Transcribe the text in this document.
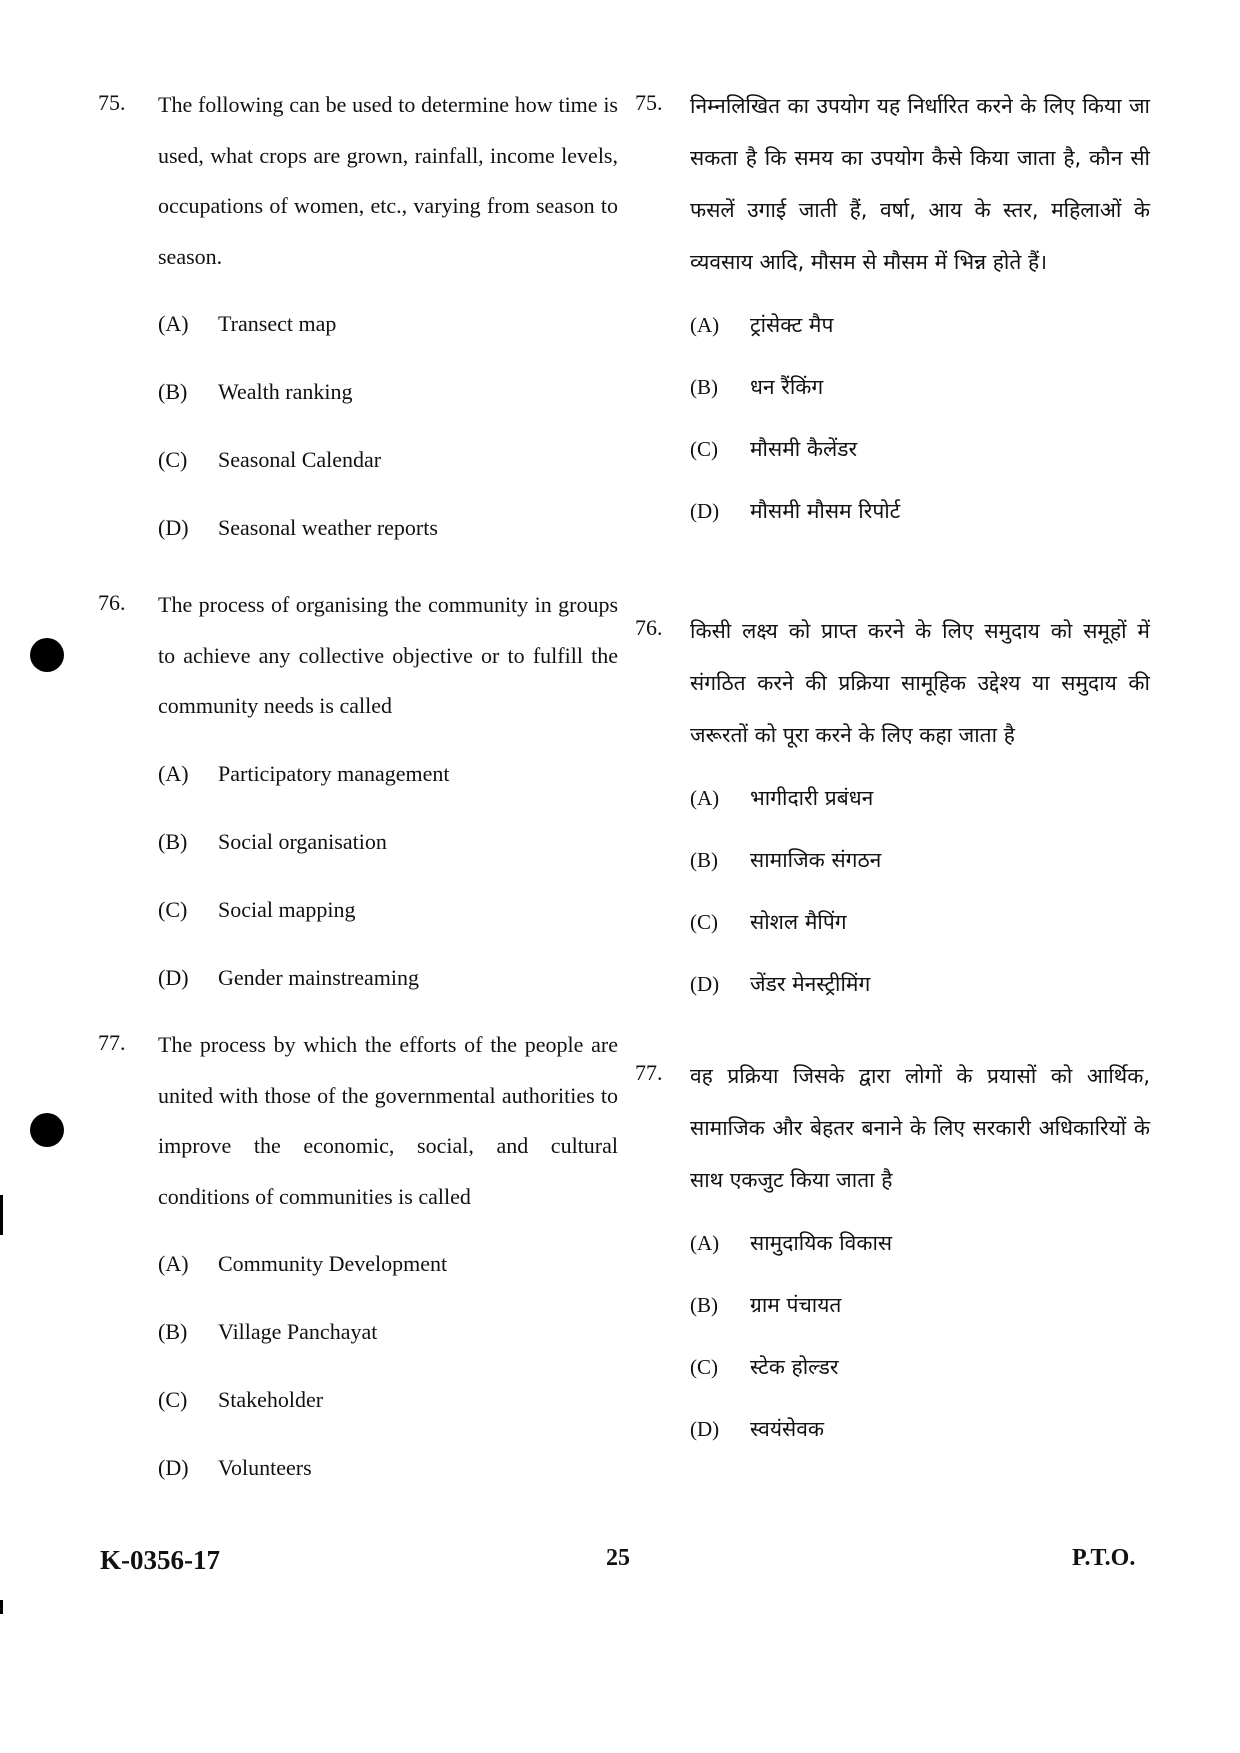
75. The following can be used to determine how time is used, what crops are grown, rainfall, income levels, occupations of women, etc., varying from season to season.
(A)	Transect map
(B)	Wealth ranking
(C)	Seasonal Calendar
(D)	Seasonal weather reports
76. The process of organising the community in groups to achieve any collective objective or to fulfill the community needs is called
(A)	Participatory management
(B)	Social organisation
(C)	Social mapping
(D)	Gender mainstreaming
77. The process by which the efforts of the people are united with those of the governmental authorities to improve the economic, social, and cultural conditions of communities is called
(A)	Community Development
(B)	Village Panchayat
(C)	Stakeholder
(D)	Volunteers
75. निम्नलिखित का उपयोग यह निर्धारित करने के लिए किया जा सकता है कि समय का उपयोग कैसे किया जाता है, कौन सी फसलें उगाई जाती हैं, वर्षा, आय के स्तर, महिलाओं के व्यवसाय आदि, मौसम से मौसम में भिन्न होते हैं।
(A)	ट्रांसेक्ट मैप
(B)	धन रैंकिंग
(C)	मौसमी कैलेंडर
(D)	मौसमी मौसम रिपोर्ट
76. किसी लक्ष्य को प्राप्त करने के लिए समुदाय को समूहों में संगठित करने की प्रक्रिया सामूहिक उद्देश्य या समुदाय की जरूरतों को पूरा करने के लिए कहा जाता है
(A)	भागीदारी प्रबंधन
(B)	सामाजिक संगठन
(C)	सोशल मैपिंग
(D)	जेंडर मेनस्ट्रीमिंग
77. वह प्रक्रिया जिसके द्वारा लोगों के प्रयासों को आर्थिक, सामाजिक और बेहतर बनाने के लिए सरकारी अधिकारियों के साथ एकजुट किया जाता है
(A)	सामुदायिक विकास
(B)	ग्राम पंचायत
(C)	स्टेक होल्डर
(D)	स्वयंसेवक
K-0356-17	25	P.T.O.
